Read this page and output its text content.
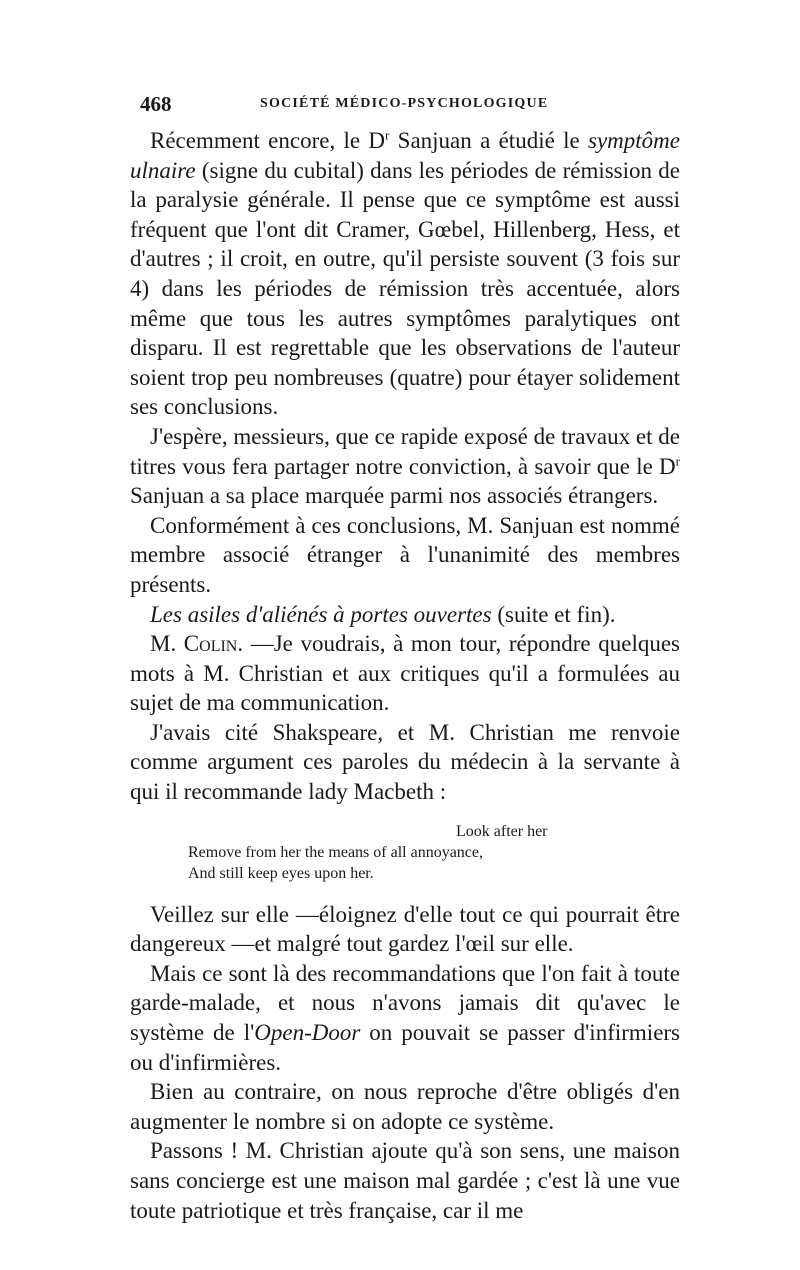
468	SOCIÉTÉ MÉDICO-PSYCHOLOGIQUE

Récemment encore, le $D^r$ Sanjuan a étudié le symptôme ulnaire (signe du cubital) dans les périodes de rémission de la paralysie générale. Il pense que ce symptôme est aussi fréquent que l'ont dit Cramer, Gœbel, Hillenberg, Hess, et d'autres ; il croit, en outre, qu'il persiste souvent (3 fois sur 4) dans les périodes de rémission très accentuée, alors même que tous les autres symptômes paralytiques ont disparu. Il est regrettable que les observations de l'auteur soient trop peu nombreuses (quatre) pour étayer solidement ses conclusions.

J'espère, messieurs, que ce rapide exposé de travaux et de titres vous fera partager notre conviction, à savoir que le $D^r$ Sanjuan a sa place marquée parmi nos associés étrangers.

Conformément à ces conclusions, M. Sanjuan est nommé membre associé étranger à l'unanimité des membres présents.

Les asiles d'aliénés à portes ouvertes (suite et fin).

M. Colin. —Je voudrais, à mon tour, répondre quelques mots à M. Christian et aux critiques qu'il a formulées au sujet de ma communication.

J'avais cité Shakspeare, et M. Christian me renvoie comme argument ces paroles du médecin à la servante à qui il recommande lady Macbeth :

Look after her
Remove from her the means of all annoyance,
And still keep eyes upon her.

Veillez sur elle —éloignez d'elle tout ce qui pourrait être dangereux —et malgré tout gardez l'œil sur elle.

Mais ce sont là des recommandations que l'on fait à toute garde-malade, et nous n'avons jamais dit qu'avec le système de l'Open-Door on pouvait se passer d'infirmiers ou d'infirmières.

Bien au contraire, on nous reproche d'être obligés d'en augmenter le nombre si on adopte ce système.

Passons ! M. Christian ajoute qu'à son sens, une maison sans concierge est une maison mal gardée ; c'est là une vue toute patriotique et très française, car il me
